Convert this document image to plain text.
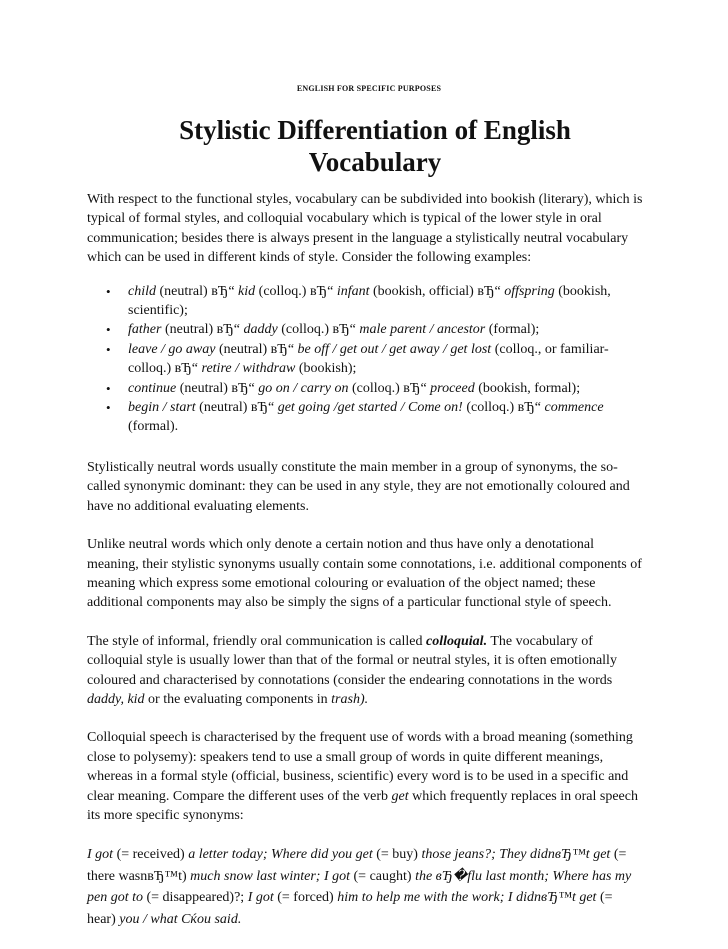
ENGLISH FOR SPECIFIC PURPOSES
Stylistic Differentiation of English Vocabulary

With respect to the functional styles, vocabulary can be subdivided into bookish (literary), which is typical of formal styles, and colloquial vocabulary which is typical of the lower style in oral communication; besides there is always present in the language a stylistically neutral vocabulary which can be used in different kinds of style. Consider the following examples:

• child (neutral) вЂ“ kid (colloq.) вЂ“ infant (bookish, official) вЂ“ offspring (bookish, scientific);
• father (neutral) вЂ“ daddy (colloq.) вЂ“ male parent / ancestor (formal);
• leave / go away (neutral) вЂ“ be off / get out / get away / get lost (colloq., or familiar-colloq.) вЂ“ retire / withdraw (bookish);
• continue (neutral) вЂ“ go on / carry on (colloq.) вЂ“ proceed (bookish, formal);
• begin / start (neutral) вЂ“ get going /get started / Come on! (colloq.) вЂ“ commence (formal).

Stylistically neutral words usually constitute the main member in a group of synonyms, the so-called synonymic dominant: they can be used in any style, they are not emotionally coloured and have no additional evaluating elements.

Unlike neutral words which only denote a certain notion and thus have only a denotational meaning, their stylistic synonyms usually contain some connotations, i.e. additional components of meaning which express some emotional colouring or evaluation of the object named; these additional components may also be simply the signs of a particular functional style of speech.

The style of informal, friendly oral communication is called colloquial. The vocabulary of colloquial style is usually lower than that of the formal or neutral styles, it is often emotionally coloured and characterised by connotations (consider the endearing connotations in the words daddy, kid or the evaluating components in trash).

Colloquial speech is characterised by the frequent use of words with a broad meaning (something close to polysemy): speakers tend to use a small group of words in quite different meanings, whereas in a formal style (official, business, scientific) every word is to be used in a specific and clear meaning. Compare the different uses of the verb get which frequently replaces in oral speech its more specific synonyms:

I got (= received) a letter today; Where did you get (= buy) those jeans?; They didnвЂ™t get (= there wasnвЂ™t) much snow last winter; I got (= caught) the вЂ�flu last month; Where has my pen got to (= disappeared)?; I got (= forced) him to help me with the work; I didnвЂ™t get (= hear) you / what Сќou said.
